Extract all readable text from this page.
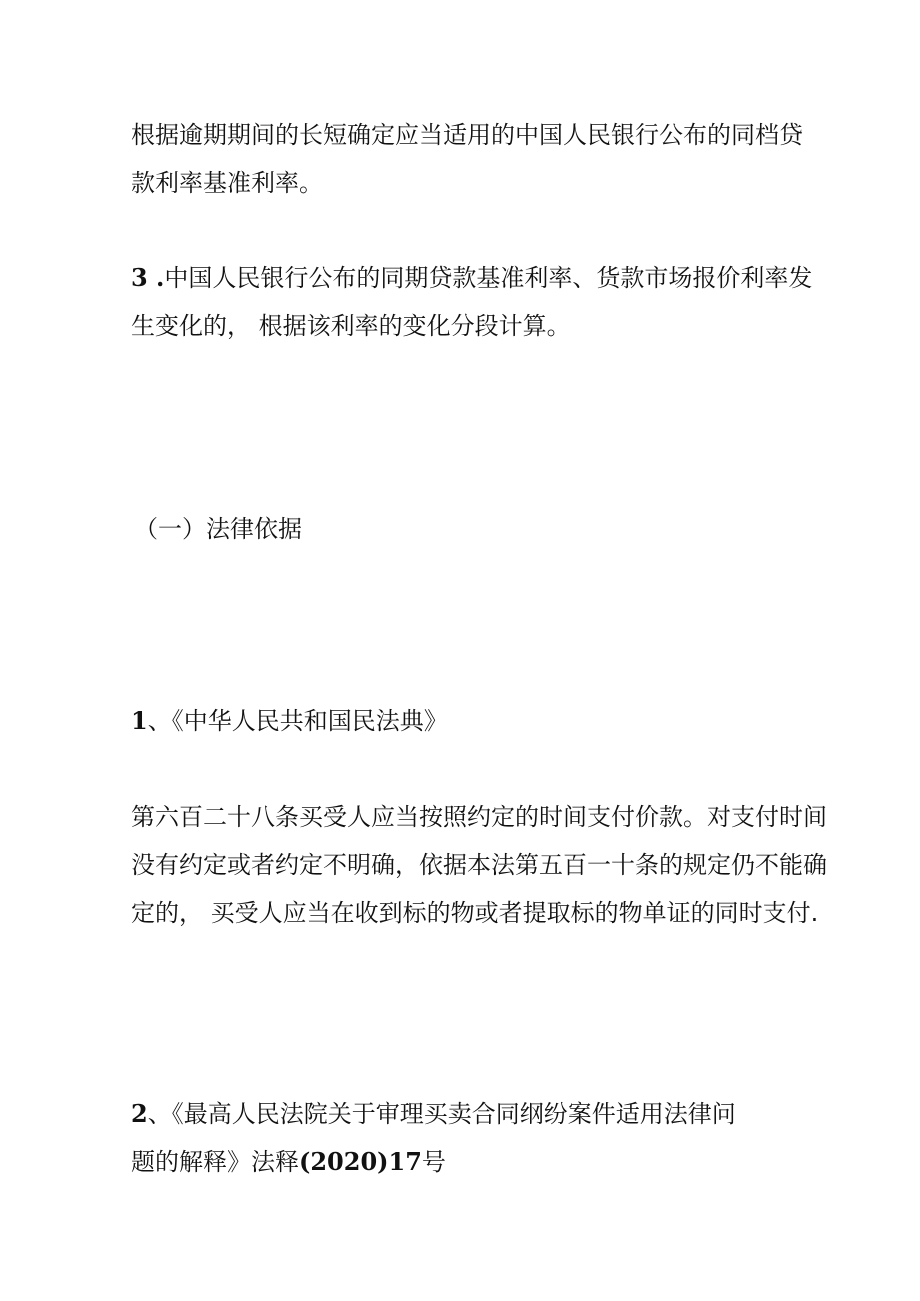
根据逾期期间的长短确定应当适用的中国人民银行公布的同档贷
款利率基准利率。

3 .中国人民银行公布的同期贷款基准利率、货款市场报价利率发
生变化的， 根据该利率的变化分段计算。

（一）法律依据

1、《中华人民共和国民法典》

第六百二十八条买受人应当按照约定的时间支付价款。对支付时间
没有约定或者约定不明确，依据本法第五百一十条的规定仍不能确
定的， 买受人应当在收到标的物或者提取标的物单证的同时支付.

2、《最高人民法院关于审理买卖合同纲纷案件适用法律问
题的解释》法释(2020)17号
